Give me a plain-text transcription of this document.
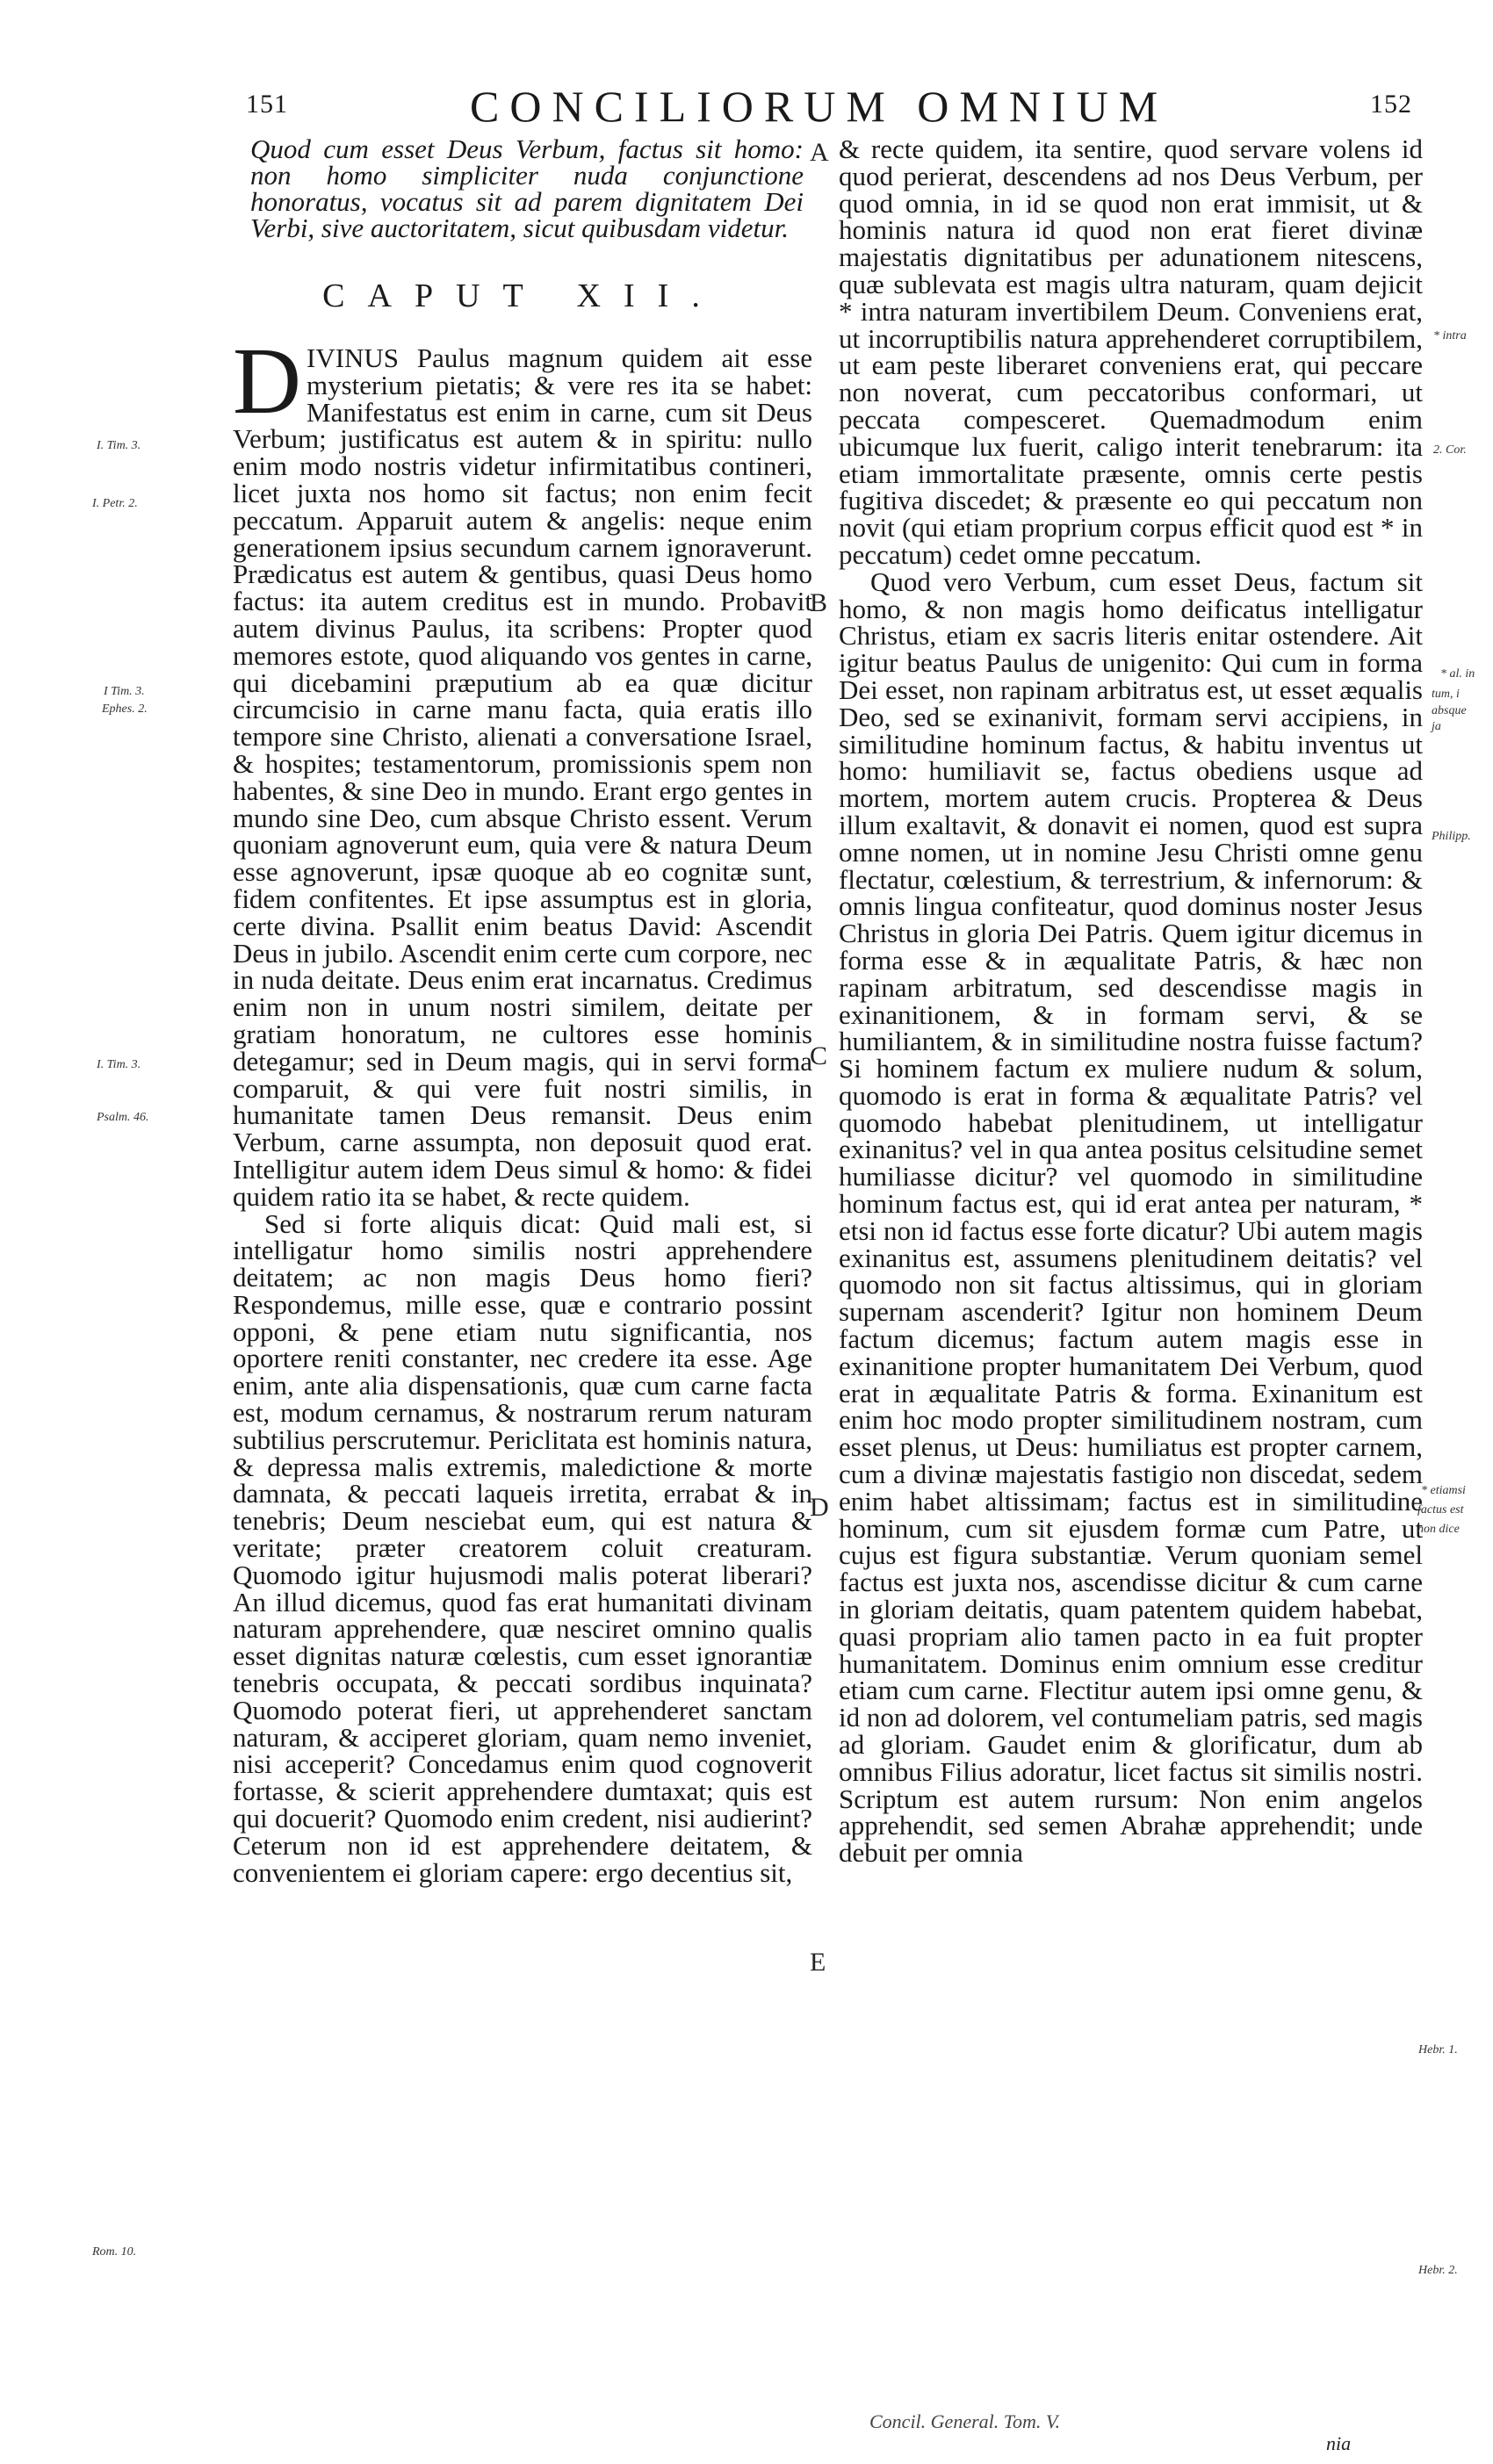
151	CONCILIORUM OMNIUM	152

Quod cum esset Deus Verbum, factus sit homo: non homo simpliciter nuda conjunctione honoratus, vocatus sit ad parem dignitatem Dei Verbi, sive auctoritatem, sicut quibusdam videtur.

CAPUT XII.

DIVINUS Paulus magnum quidem ait esse mysterium pietatis; & vere res ita se habet: Manifestatus est enim in carne, cum sit Deus Verbum; justificatus est autem & in spiritu: nullo enim modo nostris videtur infirmitatibus contineri, licet juxta nos homo sit factus; non enim fecit peccatum. Apparuit autem & angelis: neque enim generationem ipsius secundum carnem ignoraverunt. Prædicatus est autem & gentibus, quasi Deus homo factus: ita autem creditus est in mundo. Probavit autem divinus Paulus, ita scribens: Propter quod memores estote, quod aliquando vos gentes in carne, qui dicebamini præputium ab ea quæ dicitur circumcisio in carne manu facta, quia eratis illo tempore sine Christo, alienati a conversatione Israel, & hospites; testamentorum, promissionis spem non habentes, & sine Deo in mundo. Erant ergo gentes in mundo sine Deo, cum absque Christo essent. Verum quoniam agnoverunt eum, quia vere & natura Deum esse agnoverunt, ipsæ quoque ab eo cognitæ sunt, fidem confitentes. Et ipse assumptus est in gloria, certe divina. Psallit enim beatus David: Ascendit Deus in jubilo. Ascendit enim certe cum corpore, nec in nuda deitate. Deus enim erat incarnatus. Credimus enim non in unum nostri similem, deitate per gratiam honoratum, ne cultores esse hominis detegamur; sed in Deum magis, qui in servi forma comparuit, & qui vere fuit nostri similis, in humanitate tamen Deus remansit. Deus enim Verbum, carne assumpta, non deposuit quod erat. Intelligitur autem idem Deus simul & homo: & fidei quidem ratio ita se habet, & recte quidem.

Sed si forte aliquis dicat: Quid mali est, si intelligatur homo similis nostri apprehendere deitatem; ac non magis Deus homo fieri? Respondemus, mille esse, quæ e contrario possint opponi, & pene etiam nutu significantia, nos oportere reniti constanter, nec credere ita esse. Age enim, ante alia dispensationis, quæ cum carne facta est, modum cernamus, & nostrarum rerum naturam subtilius perscrutemur. Periclitata est hominis natura, & depressa malis extremis, maledictione & morte damnata, & peccati laqueis irretita, errabat & in tenebris; Deum nesciebat eum, qui est natura & veritate; præter creatorem coluit creaturam. Quomodo igitur hujusmodi malis poterat liberari? An illud dicemus, quod fas erat humanitati divinam naturam apprehendere, quæ nesciret omnino qualis esset dignitas naturæ cœlestis, cum esset ignorantiæ tenebris occupata, & peccati sordibus inquinata? Quomodo poterat fieri, ut apprehenderet sanctam naturam, & acciperet gloriam, quam nemo inveniet, nisi acceperit? Concedamus enim quod cognoverit fortasse, & scierit apprehendere dumtaxat; quis est qui docuerit? Quomodo enim credent, nisi audierint? Ceterum non id est apprehendere deitatem, & convenientem ei gloriam capere: ergo decentius sit,

& recte quidem, ita sentire, quod servare volens id quod perierat, descendens ad nos Deus Verbum, per quod omnia, in id se quod non erat immisit, ut & hominis natura id quod non erat fieret divinæ majestatis dignitatibus per adunationem nitescens, quæ sublevata est magis ultra naturam, quam dejicit * intra naturam invertibilem Deum. Conveniens erat, ut incorruptibilis natura apprehenderet corruptibilem, ut eam peste liberaret conveniens erat, qui peccare non noverat, cum peccatoribus conformari, ut peccata compesceret. Quemadmodum enim ubicumque lux fuerit, caligo interit tenebrarum: ita etiam immortalitate præsente, omnis certe pestis fugitiva discedet; & præsente eo qui peccatum non novit (qui etiam proprium corpus efficit quod est * in peccatum) cedet omne peccatum.

Quod vero Verbum, cum esset Deus, factum sit homo, & non magis homo deificatus intelligatur Christus, etiam ex sacris literis enitar ostendere. Ait igitur beatus Paulus de unigenito: Qui cum in forma Dei esset, non rapinam arbitratus est, ut esset æqualis Deo, sed se exinanivit, formam servi accipiens, in similitudine hominum factus, & habitu inventus ut homo: humiliavit se, factus obediens usque ad mortem, mortem autem crucis. Propterea & Deus illum exaltavit, & donavit ei nomen, quod est supra omne nomen, ut in nomine Jesu Christi omne genu flectatur, cœlestium, & terrestrium, & infernorum: & omnis lingua confiteatur, quod dominus noster Jesus Christus in gloria Dei Patris. Quem igitur dicemus in forma esse & in æqualitate Patris, & hæc non rapinam arbitratum, sed descendisse magis in exinanitionem, & in formam servi, & se humiliantem, & in similitudine nostra fuisse factum? Si hominem factum ex muliere nudum & solum, quomodo is erat in forma & æqualitate Patris? vel quomodo habebat plenitudinem, ut intelligatur exinanitus? vel in qua antea positus celsitudine semet humiliasse dicitur? vel quomodo in similitudine hominum factus est, qui id erat antea per naturam, * etsi non id factus esse forte dicatur? Ubi autem magis exinanitus est, assumens plenitudinem deitatis? vel quomodo non sit factus altissimus, qui in gloriam supernam ascenderit? Igitur non hominem Deum factum dicemus; factum autem magis esse in exinanitione propter humanitatem Dei Verbum, quod erat in æqualitate Patris & forma. Exinanitum est enim hoc modo propter similitudinem nostram, cum esset plenus, ut Deus: humiliatus est propter carnem, cum a divinæ majestatis fastigio non discedat, sedem enim habet altissimam; factus est in similitudine hominum, cum sit ejusdem formæ cum Patre, ut cujus est figura substantiæ. Verum quoniam semel factus est juxta nos, ascendisse dicitur & cum carne in gloriam deitatis, quam patentem quidem habebat, quasi propriam alio tamen pacto in ea fuit propter humanitatem. Dominus enim omnium esse creditur etiam cum carne. Flectitur autem ipsi omne genu, & id non ad dolorem, vel contumeliam patris, sed magis ad gloriam. Gaudet enim & glorificatur, dum ab omnibus Filius adoratur, licet factus sit similis nostri. Scriptum est autem rursum: Non enim angelos apprehendit, sed semen Abrahæ apprehendit; unde debuit per omnia

A
B
C
D
E
I. Tim. 3.
I. Petr. 2.
I Tim. 3.
Ephes. 2.
I. Tim. 3.
Psalm. 46.
Rom. 10.
* intra
2. Cor.
* al. in
tum, i
absque
ja
Philipp.
* etiamsi
factus est
non dice
Hebr. 1.
Hebr. 2.
Concil. General. Tom. V.
nia
